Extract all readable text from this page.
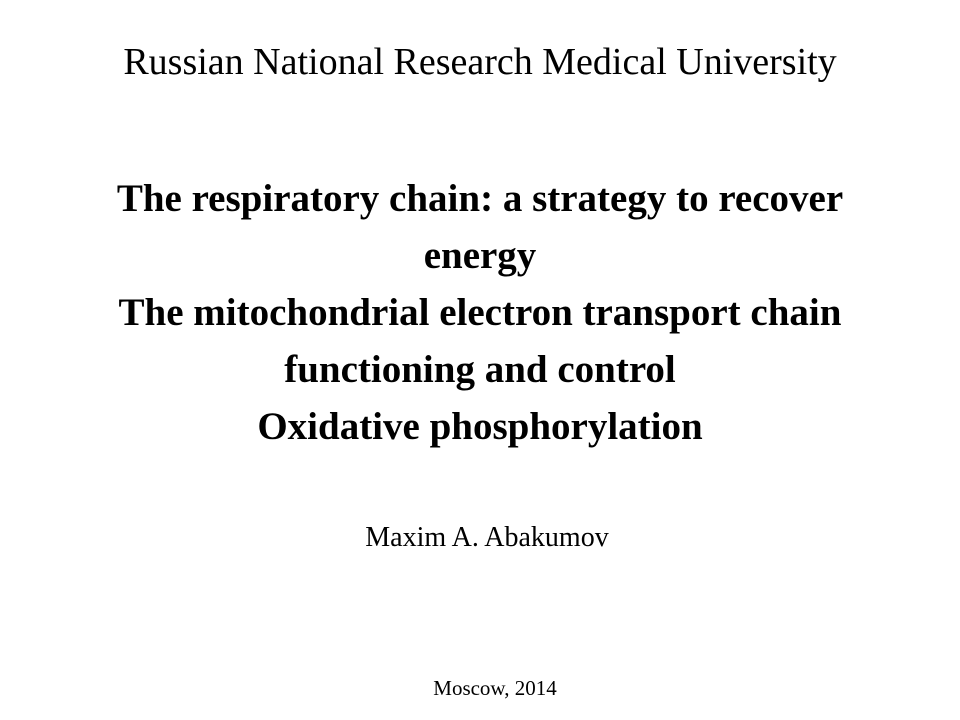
Russian National Research Medical University
The respiratory chain: a strategy to recover
energy
The mitochondrial electron transport chain
functioning and control
Oxidative phosphorylation
Maxim A. Abakumov
Moscow, 2014
